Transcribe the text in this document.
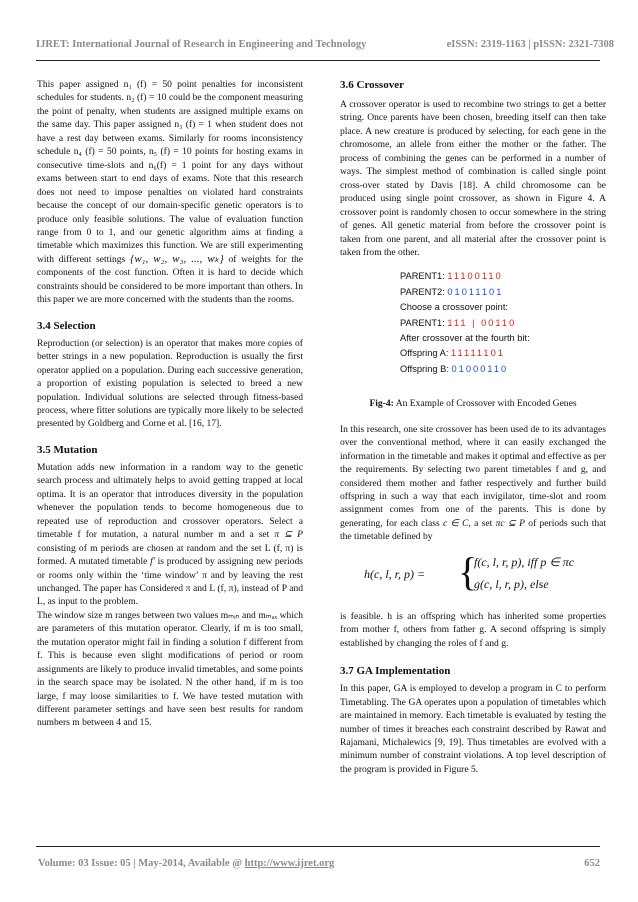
IJRET: International Journal of Research in Engineering and Technology	eISSN: 2319-1163 | pISSN: 2321-7308

This paper assigned n₁ (f) = 50 point penalties for inconsistent schedules for students. n₂ (f) = 10 could be the component measuring the point of penalty, when students are assigned multiple exams on the same day. This paper assigned n₃ (f) = 1 when student does not have a rest day between exams. Similarly for rooms inconsistency schedule n₄ (f) = 50 points, n₅ (f) = 10 points for hosting exams in consecutive time-slots and n₆(f) = 1 point for any days without exams between start to end days of exams. Note that this research does not need to impose penalties on violated hard constraints because the concept of our domain-specific genetic operators is to produce only feasible solutions. The value of evaluation function range from 0 to 1, and our genetic algorithm aims at finding a timetable which maximizes this function. We are still experimenting with different settings {w₁, w₂, w₃, ..., wₖ} of weights for the components of the cost function. Often it is hard to decide which constraints should be considered to be more important than others. In this paper we are more concerned with the students than the rooms.

3.4 Selection

Reproduction (or selection) is an operator that makes more copies of better strings in a new population. Reproduction is usually the first operator applied on a population. During each successive generation, a proportion of existing population is selected to breed a new population. Individual solutions are selected through fitness-based process, where fitter solutions are typically more likely to be selected presented by Goldberg and Corne et al. [16, 17].

3.5 Mutation

Mutation adds new information in a random way to the genetic search process and ultimately helps to avoid getting trapped at local optima. It is an operator that introduces diversity in the population whenever the population tends to become homogeneous due to repeated use of reproduction and crossover operators. Select a timetable f for mutation, a natural number m and a set π ⊆ P consisting of m periods are chosen at random and the set L (f, π) is formed. A mutated timetable f′ is produced by assigning new periods or rooms only within the ‘time window’ π and by leaving the rest unchanged. The paper has Considered π and L (f, π), instead of P and L, as input to the problem.

The window size m ranges between two values mₘᵢₙ and mₘₐₓ which are parameters of this mutation operator. Clearly, if m is too small, the mutation operator might fail in finding a solution f different from f. This is because even slight modifications of period or room assignments are likely to produce invalid timetables, and some points in the search space may be isolated. N the other hand, if m is too large, f may loose similarities to f. We have tested mutation with different parameter settings and have seen best results for random numbers m between 4 and 15.

3.6 Crossover

A crossover operator is used to recombine two strings to get a better string. Once parents have been chosen, breeding itself can then take place. A new creature is produced by selecting, for each gene in the chromosome, an allele from either the mother or the father. The process of combining the genes can be performed in a number of ways. The simplest method of combination is called single point cross-over stated by Davis [18]. A child chromosome can be produced using single point crossover, as shown in Figure 4. A crossover point is randomly chosen to occur somewhere in the string of genes. All genetic material from before the crossover point is taken from one parent, and all material after the crossover point is taken from the other.

PARENT1: 11100110
PARENT2: 01011101
Choose a crossover point:
PARENT1: 111 | 00110
After crossover at the fourth bit:
Offspring A: 11111101
Offspring B: 01000110

Fig-4: An Example of Crossover with Encoded Genes

In this research, one site crossover has been used de to its advantages over the conventional method, where it can easily exchanged the information in the timetable and makes it optimal and effective as per the requirements. By selecting two parent timetables f and g, and considered them mother and father respectively and further build offspring in such a way that each invigilator, time-slot and room assignment comes from one of the parents. This is done by generating, for each class c ∈ C, a set πc ⊆ P of periods such that the timetable defined by

h(c, l, r, p) = {
f(c, l, r, p), iff p ∈ πc
g(c, l, r, p), else

is feasible. h is an offspring which has inherited some properties from mother f, others from father g. A second offspring is simply established by changing the roles of f and g.

3.7 GA Implementation

In this paper, GA is employed to develop a program in C to perform Timetabling. The GA operates upon a population of timetables which are maintained in memory. Each timetable is evaluated by testing the number of times it breaches each constraint described by Rawat and Rajamani, Michalewics [9, 19]. Thus timetables are evolved with a minimum number of constraint violations. A top level description of the program is provided in Figure 5.

Volume: 03 Issue: 05 | May-2014, Available @ http://www.ijret.org	652
